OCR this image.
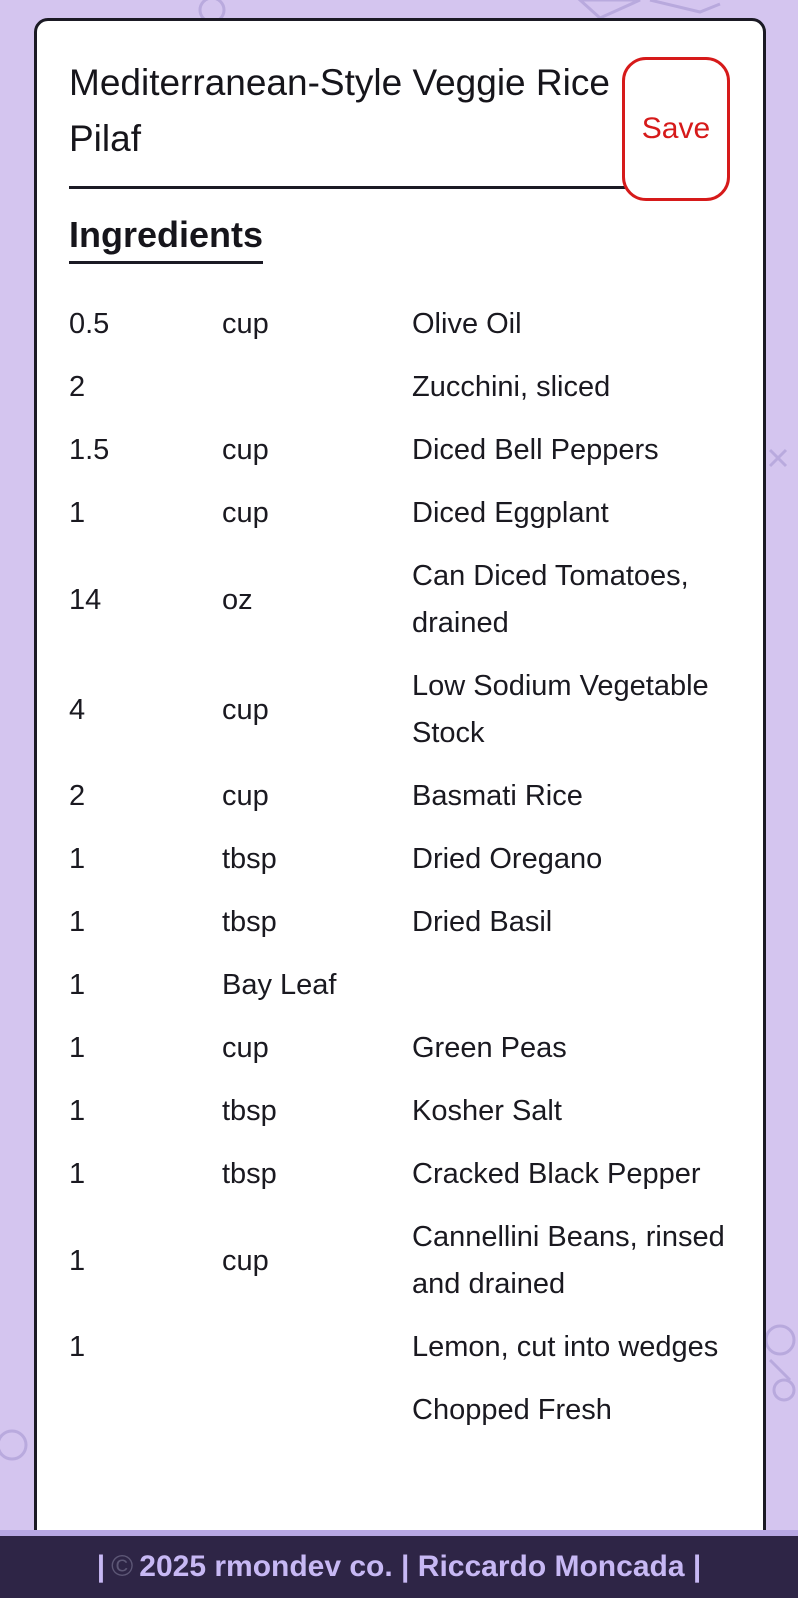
Mediterranean-Style Veggie Rice Pilaf	Save
Ingredients
0.5	cup	Olive Oil
2		Zucchini, sliced
1.5	cup	Diced Bell Peppers
1	cup	Diced Eggplant
14	oz	Can Diced Tomatoes, drained
4	cup	Low Sodium Vegetable Stock
2	cup	Basmati Rice
1	tbsp	Dried Oregano
1	tbsp	Dried Basil
1	Bay Leaf	
1	cup	Green Peas
1	tbsp	Kosher Salt
1	tbsp	Cracked Black Pepper
1	cup	Cannellini Beans, rinsed and drained
1		Lemon, cut into wedges
		Chopped Fresh
| © 2025 rmondev co. | Riccardo Moncada |
